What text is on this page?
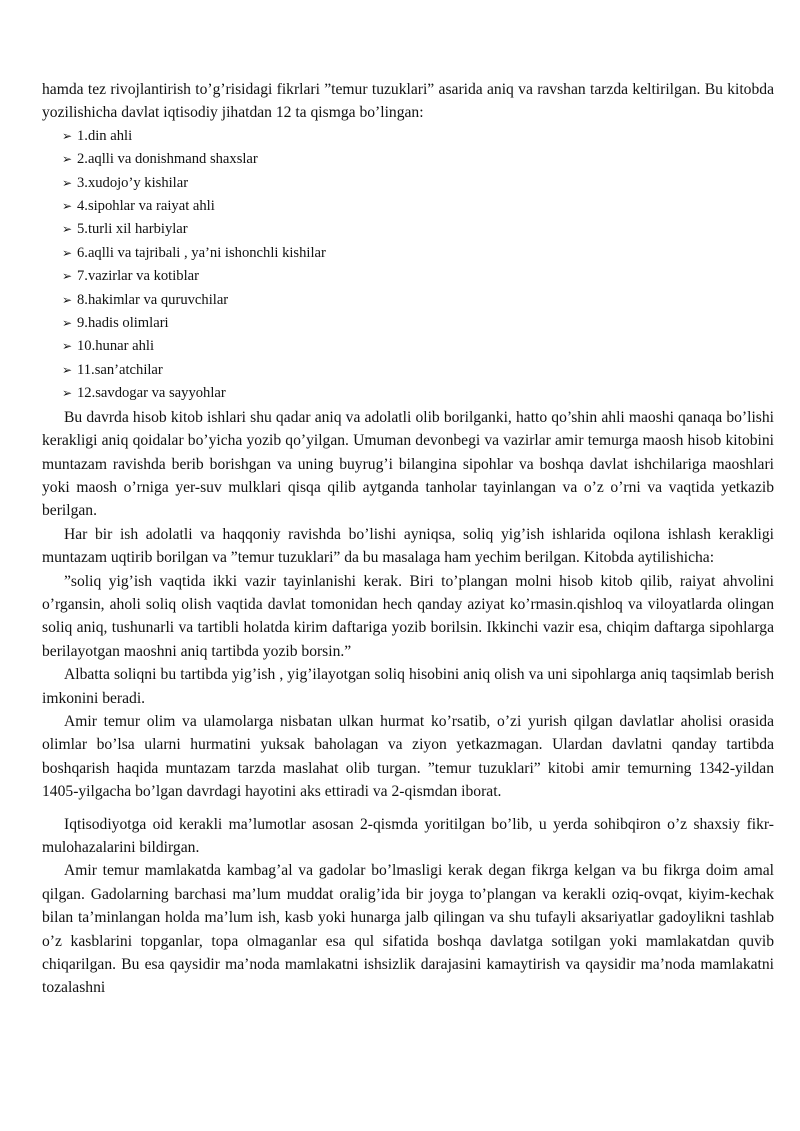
hamda tez rivojlantirish to’g’risidagi fikrlari ”temur tuzuklari” asarida aniq va ravshan tarzda keltirilgan. Bu kitobda yozilishicha davlat iqtisodiy jihatdan 12 ta qismga bo’lingan:

➢ 1.din ahli
➢ 2.aqlli va donishmand shaxslar
➢ 3.xudojo’y kishilar
➢ 4.sipohlar va raiyat ahli
➢ 5.turli xil harbiylar
➢ 6.aqlli va tajribali , ya’ni ishonchli kishilar
➢ 7.vazirlar va kotiblar
➢ 8.hakimlar va quruvchilar
➢ 9.hadis olimlari
➢ 10.hunar ahli
➢ 11.san’atchilar
➢ 12.savdogar va sayyohlar

Bu davrda hisob kitob ishlari shu qadar aniq va adolatli olib borilganki, hatto qo’shin ahli maoshi qanaqa bo’lishi kerakligi aniq qoidalar bo’yicha yozib qo’yilgan. Umuman devonbegi va vazirlar amir temurga maosh hisob kitobini muntazam ravishda berib borishgan va uning buyrug’i bilangina sipohlar va boshqa davlat ishchilariga maoshlari yoki maosh o’rniga yer-suv mulklari qisqa qilib aytganda tanholar tayinlangan va o’z o’rni va vaqtida yetkazib berilgan.

Har bir ish adolatli va haqqoniy ravishda bo’lishi ayniqsa, soliq yig’ish ishlarida oqilona ishlash kerakligi muntazam uqtirib borilgan va ”temur tuzuklari” da bu masalaga ham yechim berilgan. Kitobda aytilishicha:

”soliq yig’ish vaqtida ikki vazir tayinlanishi kerak. Biri to’plangan molni hisob kitob qilib, raiyat ahvolini o’rgansin, aholi soliq olish vaqtida davlat tomonidan hech qanday aziyat ko’rmasin.qishloq va viloyatlarda olingan soliq aniq, tushunarli va tartibli holatda kirim daftariga yozib borilsin. Ikkinchi vazir esa, chiqim daftarga sipohlarga berilayotgan maoshni aniq tartibda yozib borsin.”

Albatta soliqni bu tartibda yig’ish , yig’ilayotgan soliq hisobini aniq olish va uni sipohlarga aniq taqsimlab berish imkonini beradi.

Amir temur olim va ulamolarga nisbatan ulkan hurmat ko’rsatib, o’zi yurish qilgan davlatlar aholisi orasida olimlar bo’lsa ularni hurmatini yuksak baholagan va ziyon yetkazmagan. Ulardan davlatni qanday tartibda boshqarish haqida muntazam tarzda maslahat olib turgan. ”temur tuzuklari” kitobi amir temurning 1342-yildan 1405-yilgacha bo’lgan davrdagi hayotini aks ettiradi va 2-qismdan iborat.

Iqtisodiyotga oid kerakli ma’lumotlar asosan 2-qismda yoritilgan bo’lib, u yerda sohibqiron o’z shaxsiy fikr-mulohazalarini bildirgan.

Amir temur mamlakatda kambag’al va gadolar bo’lmasligi kerak degan fikrga kelgan va bu fikrga doim amal qilgan. Gadolarning barchasi ma’lum muddat oralig’ida bir joyga to’plangan va kerakli oziq-ovqat, kiyim-kechak bilan ta’minlangan holda ma’lum ish, kasb yoki hunarga jalb qilingan va shu tufayli aksariyatlar gadoylikni tashlab o’z kasblarini topganlar, topa olmaganlar esa qul sifatida boshqa davlatga sotilgan yoki mamlakatdan quvib chiqarilgan. Bu esa qaysidir ma’noda mamlakatni ishsizlik darajasini kamaytirish va qaysidir ma’noda mamlakatni tozalashni
